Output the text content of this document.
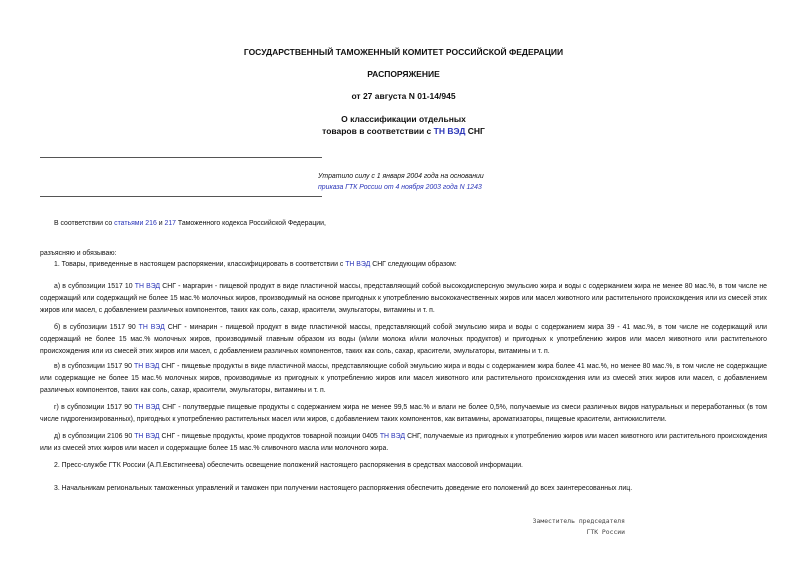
ГОСУДАРСТВЕННЫЙ ТАМОЖЕННЫЙ КОМИТЕТ РОССИЙСКОЙ ФЕДЕРАЦИИ
РАСПОРЯЖЕНИЕ
от 27 августа N 01-14/945
О классификации отдельных
товаров в соответствии с ТН ВЭД СНГ
Утратило силу с 1 января 2004 года на основании
приказа ГТК России от 4 ноября 2003 года N 1243
В соответствии со статьями 216 и 217 Таможенного кодекса Российской Федерации,
разъясняю и обязываю:
1. Товары, приведенные в настоящем распоряжении, классифицировать в соответствии с ТН ВЭД СНГ следующим образом:
а) в субпозиции 1517 10 ТН ВЭД СНГ - маргарин - пищевой продукт в виде пластичной массы, представляющий собой высокодисперсную эмульсию жира и воды с содержанием жира не менее 80 мас.%, в том числе не содержащий или содержащий не более 15 мас.% молочных жиров, производимый на основе пригодных к употреблению высококачественных жиров или масел животного или растительного происхождения или из смесей этих жиров или масел, с добавлением различных компонентов, таких как соль, сахар, красители, эмульгаторы, витамины и т. п.
б) в субпозиции 1517 90 ТН ВЭД СНГ - минарин - пищевой продукт в виде пластичной массы, представляющий собой эмульсию жира и воды с содержанием жира 39 - 41 мас.%, в том числе не содержащий или содержащий не более 15 мас.% молочных жиров, производимый главным образом из воды (и/или молока и/или молочных продуктов) и пригодных к употреблению жиров или масел животного или растительного происхождения или из смесей этих жиров или масел, с добавлением различных компонентов, таких как соль, сахар, красители, эмульгаторы, витамины и т. п.
в) в субпозиции 1517 90 ТН ВЭД СНГ - пищевые продукты в виде пластичной массы, представляющие собой эмульсию жира и воды с содержанием жира более 41 мас.%, но менее 80 мас.%, в том числе не содержащие или содержащие не более 15 мас.% молочных жиров, производимые из пригодных к употреблению жиров или масел животного или растительного происхождения или из смесей этих жиров или масел, с добавлением различных компонентов, таких как соль, сахар, красители, эмульгаторы, витамины и т. п.
г) в субпозиции 1517 90 ТН ВЭД СНГ - полутвердые пищевые продукты с содержанием жира не менее 99,5 мас.% и влаги не более 0,5%, получаемые из смеси различных видов натуральных и переработанных (в том числе гидрогенизированных), пригодных к употреблению растительных масел или жиров, с добавлением таких компонентов, как витамины, ароматизаторы, пищевые красители, антиокислители.
д) в субпозиции 2106 90 ТН ВЭД СНГ - пищевые продукты, кроме продуктов товарной позиции 0405 ТН ВЭД СНГ, получаемые из пригодных к употреблению жиров или масел животного или растительного происхождения или из смесей этих жиров или масел и содержащие более 15 мас.% сливочного масла или молочного жира.
2. Пресс-службе ГТК России (А.П.Евстигнеева) обеспечить освещение положений настоящего распоряжения в средствах массовой информации.
3. Начальникам региональных таможенных управлений и таможен при получении настоящего распоряжения обеспечить доведение его положений до всех заинтересованных лиц.
Заместитель председателя
ГТК России
